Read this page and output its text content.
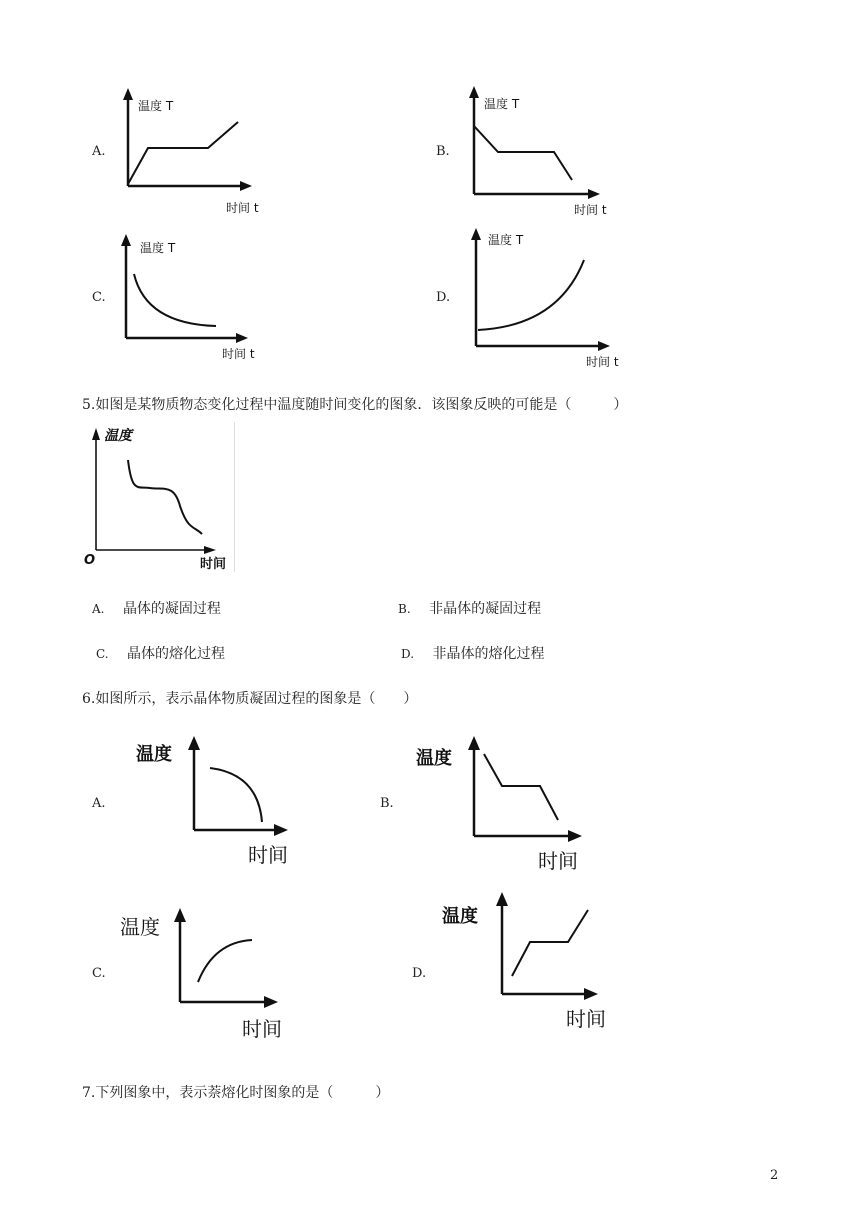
A.
温度 T
时间 t
B.
温度 T
时间 t
C.
温度 T
时间 t
D.
温度 T
时间 t
5.如图是某物质物态变化过程中温度随时间变化的图象．该图象反映的可能是（　　　）
温度
O	时间
A. 晶体的凝固过程	B. 非晶体的凝固过程
C. 晶体的熔化过程	D. 非晶体的熔化过程
6.如图所示，表示晶体物质凝固过程的图象是（　　）
A.
温度
时间
B.
温度
时间
C.
温度
时间
D.
温度
时间
7.下列图象中，表示萘熔化时图象的是（　　　）
2
